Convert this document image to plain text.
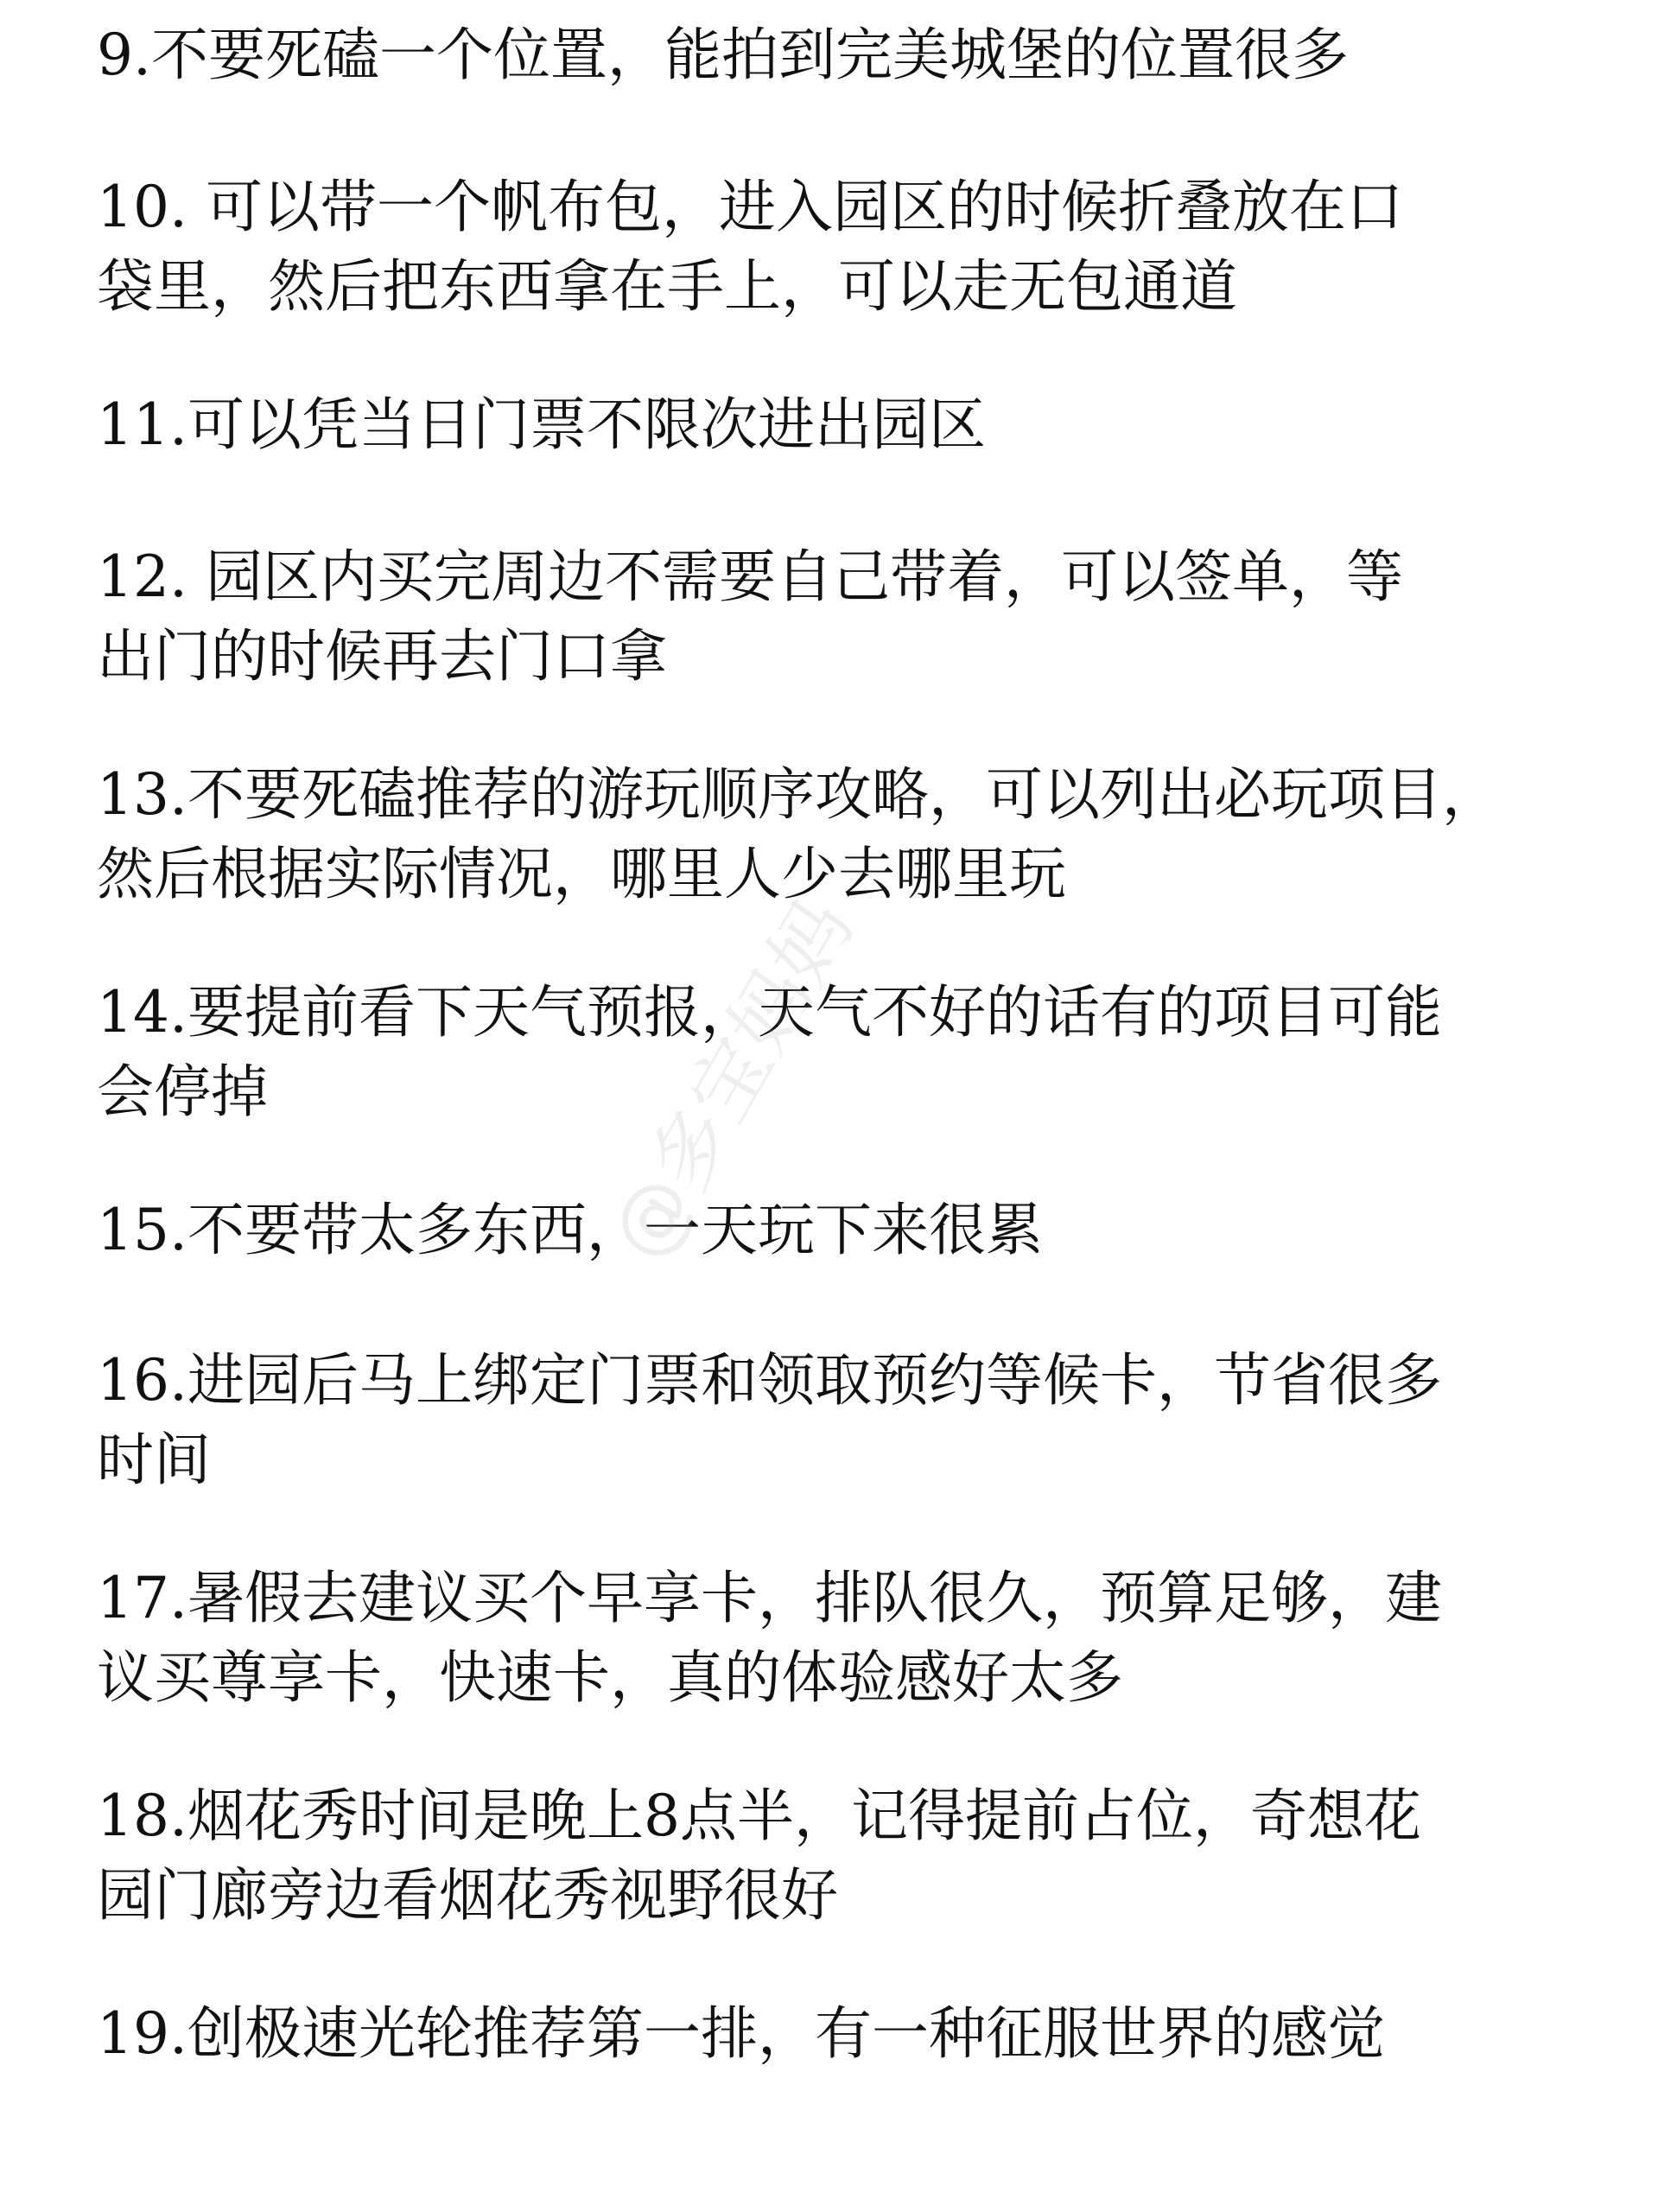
9.不要死磕一个位置，能拍到完美城堡的位置很多
10. 可以带一个帆布包，进入园区的时候折叠放在口
袋里，然后把东西拿在手上，可以走无包通道
11.可以凭当日门票不限次进出园区
12. 园区内买完周边不需要自己带着，可以签单，等
出门的时候再去门口拿
13.不要死磕推荐的游玩顺序攻略，可以列出必玩项目，
然后根据实际情况，哪里人少去哪里玩
14.要提前看下天气预报，天气不好的话有的项目可能
会停掉
15.不要带太多东西，一天玩下来很累
16.进园后马上绑定门票和领取预约等候卡，节省很多
时间
17.暑假去建议买个早享卡，排队很久，预算足够，建
议买尊享卡，快速卡，真的体验感好太多
18.烟花秀时间是晚上8点半，记得提前占位，奇想花
园门廊旁边看烟花秀视野很好
19.创极速光轮推荐第一排，有一种征服世界的感觉
@多宝妈妈
